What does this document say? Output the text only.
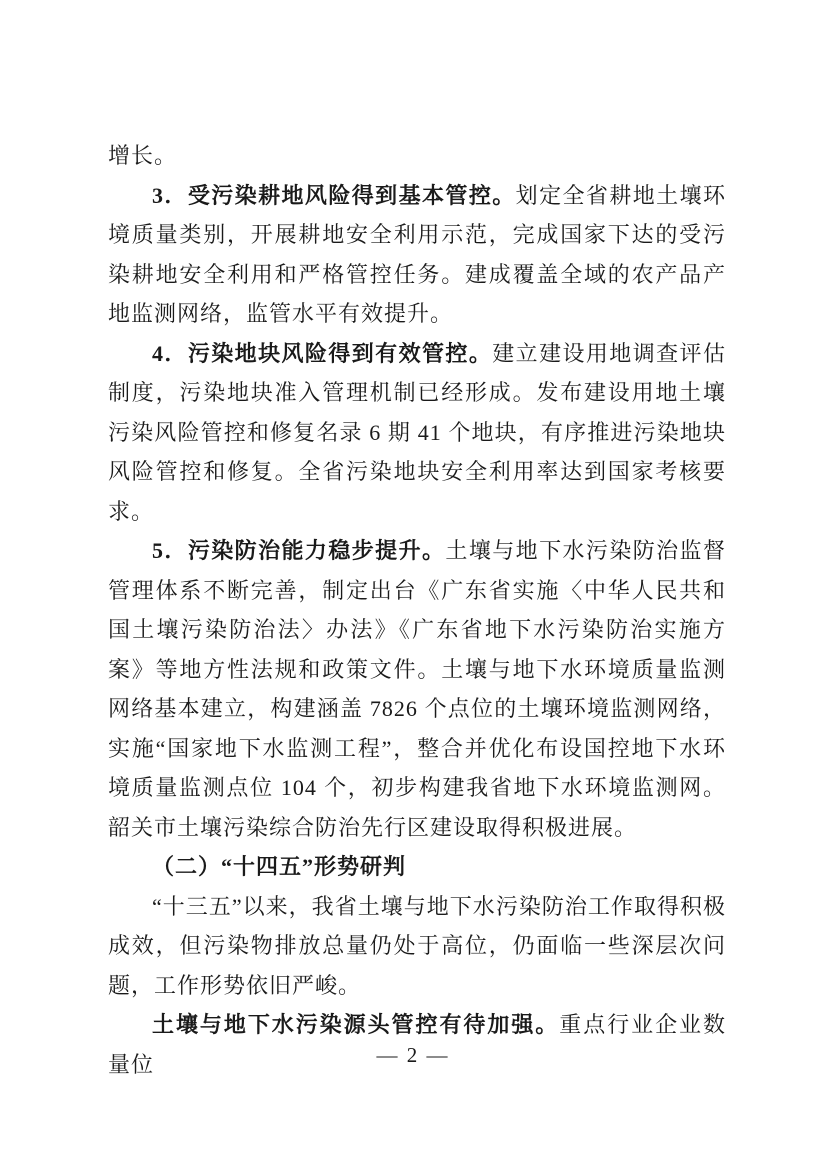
增长。

3．受污染耕地风险得到基本管控。划定全省耕地土壤环境质量类别，开展耕地安全利用示范，完成国家下达的受污染耕地安全利用和严格管控任务。建成覆盖全域的农产品产地监测网络，监管水平有效提升。

4．污染地块风险得到有效管控。建立建设用地调查评估制度，污染地块准入管理机制已经形成。发布建设用地土壤污染风险管控和修复名录 6 期 41 个地块，有序推进污染地块风险管控和修复。全省污染地块安全利用率达到国家考核要求。

5．污染防治能力稳步提升。土壤与地下水污染防治监督管理体系不断完善，制定出台《广东省实施〈中华人民共和国土壤污染防治法〉办法》《广东省地下水污染防治实施方案》等地方性法规和政策文件。土壤与地下水环境质量监测网络基本建立，构建涵盖 7826 个点位的土壤环境监测网络，实施“国家地下水监测工程”，整合并优化布设国控地下水环境质量监测点位 104 个，初步构建我省地下水环境监测网。韶关市土壤污染综合防治先行区建设取得积极进展。

（二）“十四五”形势研判

“十三五”以来，我省土壤与地下水污染防治工作取得积极成效，但污染物排放总量仍处于高位，仍面临一些深层次问题，工作形势依旧严峻。

土壤与地下水污染源头管控有待加强。重点行业企业数量位	— 2 —
